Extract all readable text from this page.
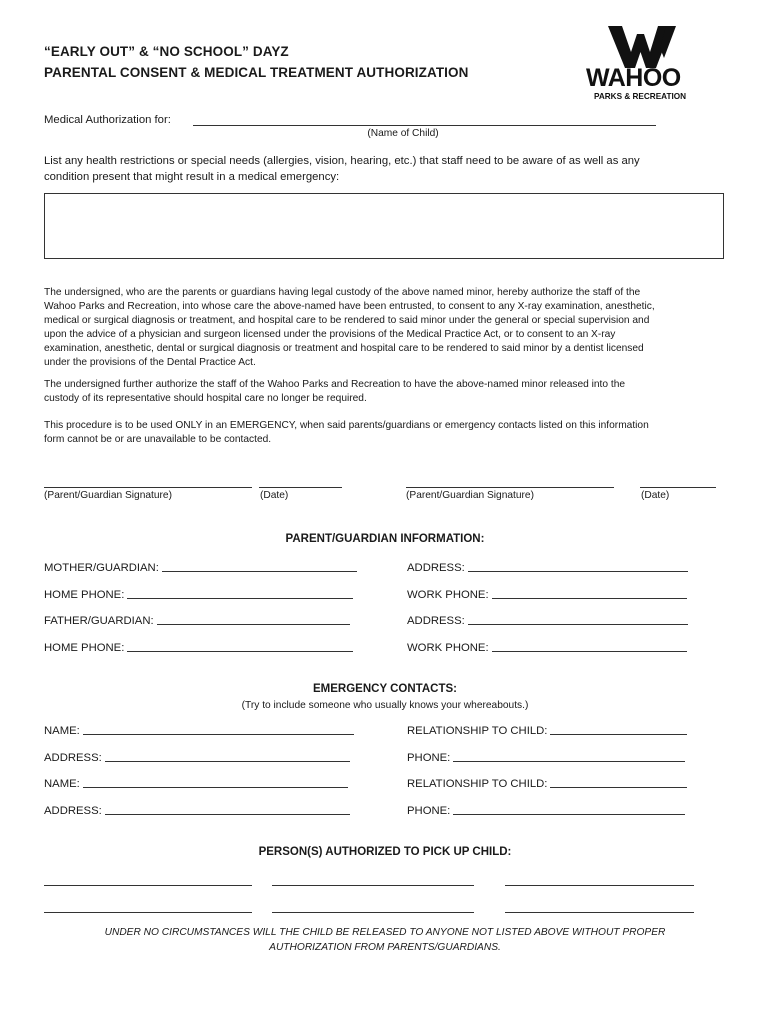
“EARLY OUT” & “NO SCHOOL” DAYZ
PARENTAL CONSENT & MEDICAL TREATMENT AUTHORIZATION	WAHOO
PARKS & RECREATION
Medical Authorization for:
(Name of Child)
List any health restrictions or special needs (allergies, vision, hearing, etc.) that staff need to be aware of as well as any
condition present that might result in a medical emergency:
The undersigned, who are the parents or guardians having legal custody of the above named minor, hereby authorize the staff of the
Wahoo Parks and Recreation, into whose care the above-named have been entrusted, to consent to any X-ray examination, anesthetic,
medical or surgical diagnosis or treatment, and hospital care to be rendered to said minor under the general or special supervision and
upon the advice of a physician and surgeon licensed under the provisions of the Medical Practice Act, or to consent to an X-ray
examination, anesthetic, dental or surgical diagnosis or treatment and hospital care to be rendered to said minor by a dentist licensed
under the provisions of the Dental Practice Act.
The undersigned further authorize the staff of the Wahoo Parks and Recreation to have the above-named minor released into the
custody of its representative should hospital care no longer be required.
This procedure is to be used ONLY in an EMERGENCY, when said parents/guardians or emergency contacts listed on this information
form cannot be or are unavailable to be contacted.
(Parent/Guardian Signature)	(Date)	(Parent/Guardian Signature)	(Date)
PARENT/GUARDIAN INFORMATION:
MOTHER/GUARDIAN:	ADDRESS:
HOME PHONE:	WORK PHONE:
FATHER/GUARDIAN:	ADDRESS:
HOME PHONE:	WORK PHONE:
EMERGENCY CONTACTS:
(Try to include someone who usually knows your whereabouts.)
NAME:	RELATIONSHIP TO CHILD:
ADDRESS:	PHONE:
NAME:	RELATIONSHIP TO CHILD:
ADDRESS:	PHONE:
PERSON(S) AUTHORIZED TO PICK UP CHILD:
UNDER NO CIRCUMSTANCES WILL THE CHILD BE RELEASED TO ANYONE NOT LISTED ABOVE WITHOUT PROPER
AUTHORIZATION FROM PARENTS/GUARDIANS.
